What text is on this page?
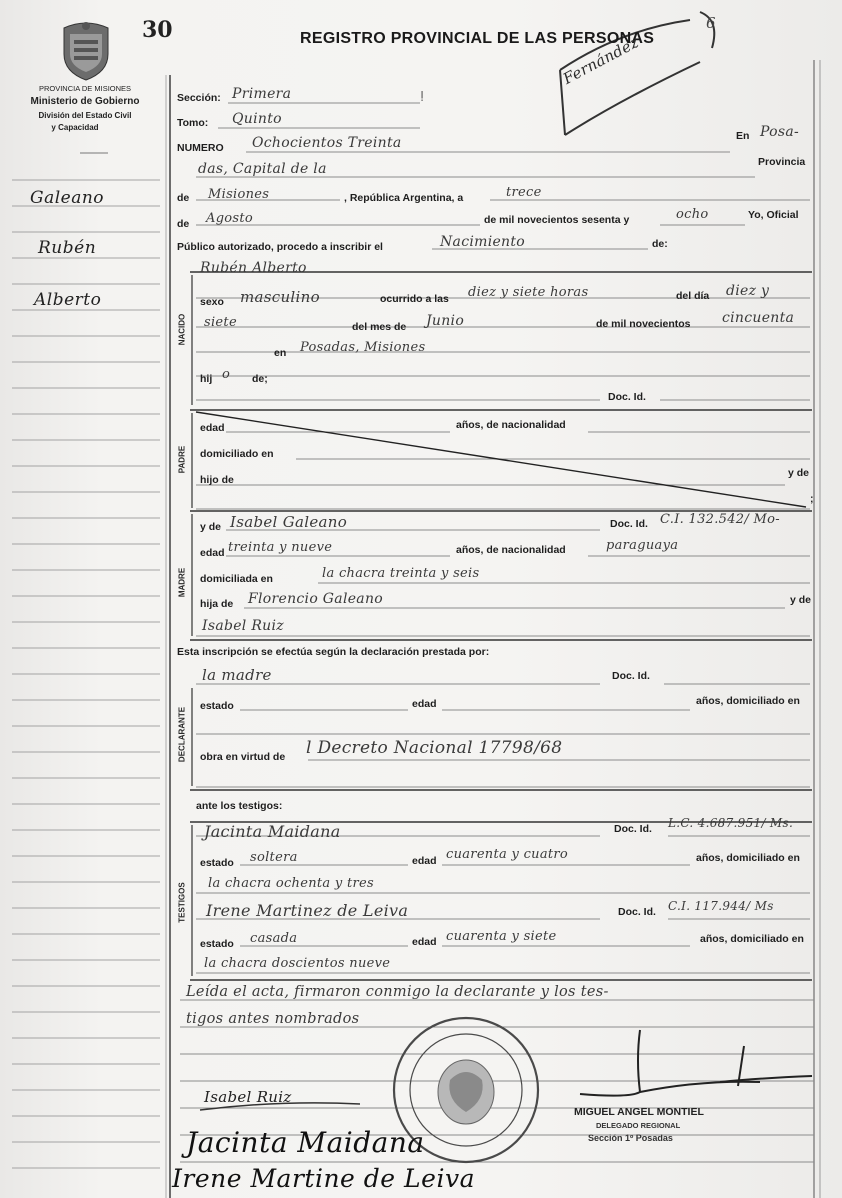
30	REGISTRO PROVINCIAL DE LAS PERSONAS
6
Fernández
PROVINCIA DE MISIONES
Ministerio de Gobierno
División del Estado Civil
y Capacidad
Galeano
Rubén
Alberto
NACIDO
PADRE
MADRE
DECLARANTE
TESTIGOS
Sección: Primera	ⵑ
Tomo: Quinto
NUMERO Ochocientos Treinta	En Posa-
das, Capital de la	Provincia
de Misiones	, República Argentina, a	trece
de Agosto	de mil novecientos sesenta y	ocho	Yo, Oficial
Público autorizado, procedo a inscribir el	Nacimiento	de:
Rubén Alberto
sexo masculino	ocurrido a las diez y siete horas	del día diez y
siete	del mes de Junio	de mil novecientos cincuenta
en Posadas, Misiones
hij o de;
Doc. Id.
edad	años, de nacionalidad
domiciliado en
hijo de
y de
;
y de Isabel Galeano	Doc. Id. C.I. 132.542/ Mo-
edad treinta y nueve	años, de nacionalidad	paraguaya
domiciliada en	la chacra treinta y seis
hija de Florencio Galeano	y de
Isabel Ruiz
Esta inscripción se efectúa según la declaración prestada por:
la madre	Doc. Id.
estado	edad	años, domiciliado en
obra en virtud de l Decreto Nacional 17798/68
ante los testigos:
Jacinta Maidana	Doc. Id. L.C. 4.687.951/ Ms.
estado soltera	edad cuarenta y cuatro	años, domiciliado en
la chacra ochenta y tres
Irene Martinez de Leiva	Doc. Id. C.I. 117.944/ Ms
estado casada	edad cuarenta y siete	años, domiciliado en
la chacra doscientos nueve
Leída el acta, firmaron conmigo la declarante y los tes-
tigos antes nombrados
Isabel Ruiz
Jacinta Maidana
Irene Martine de Leiva
MIGUEL ANGEL MONTIEL
DELEGADO REGIONAL
Sección 1º Posadas
